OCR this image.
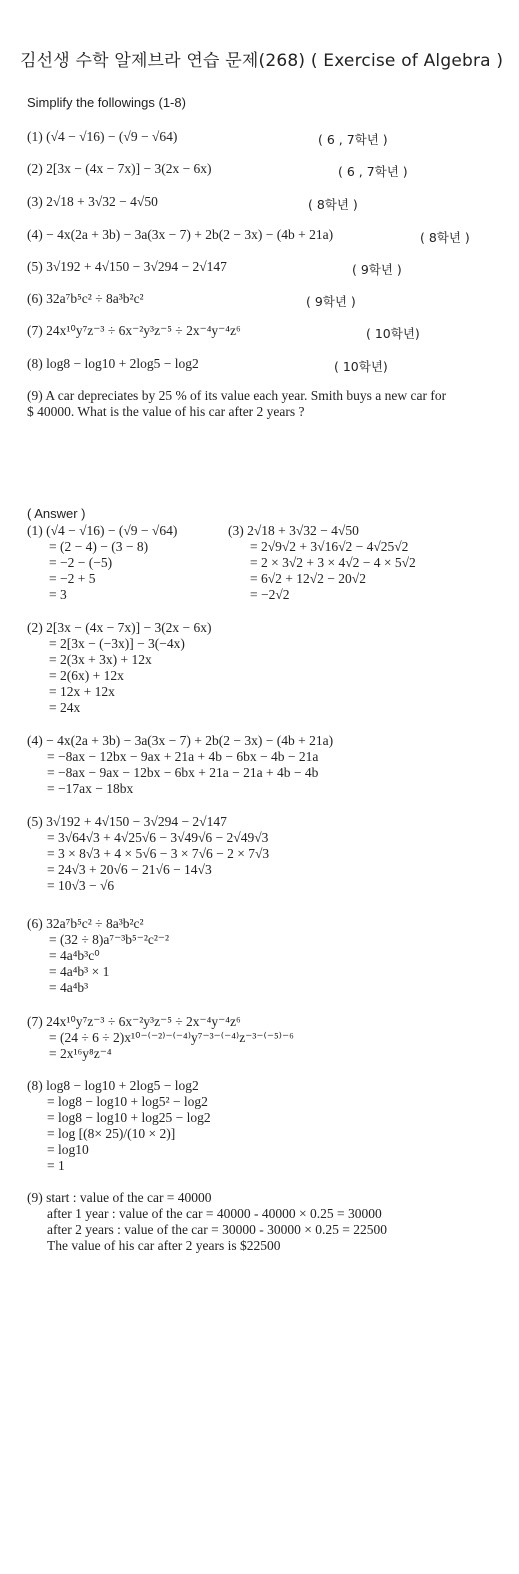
김선생 수학 알제브라 연습 문제(268) ( Exercise of Algebra )
Simplify the followings (1-8)
(1) (√4 − √16) − (√9 − √64)	( 6 , 7학년 )
(2) 2[3x − (4x − 7x)] − 3(2x − 6x)	( 6 , 7학년 )
(3) 2√18 + 3√32 − 4√50	( 8학년 )
(4) − 4x(2a + 3b) − 3a(3x − 7) + 2b(2 − 3x) − (4b + 21a)	( 8학년 )
(5) 3√192 + 4√150 − 3√294 − 2√147	( 9학년 )
(6) 32a⁷b⁵c² ÷ 8a³b²c²	( 9학년 )
(7) 24x¹⁰y⁷z⁻³ ÷ 6x⁻²y³z⁻⁵ ÷ 2x⁻⁴y⁻⁴z⁶	( 10학년)
(8) log8 − log10 + 2log5 − log2	( 10학년)
(9) A car depreciates by 25 % of its value each year. Smith buys a new car for
$ 40000. What is the value of his car after 2 years ?
( Answer )
(1) (√4 − √16) − (√9 − √64)
= (2 − 4) − (3 − 8)
= −2 − (−5)
= −2 + 5
= 3
(3) 2√18 + 3√32 − 4√50
= 2√9√2 + 3√16√2 − 4√25√2
= 2 × 3√2 + 3 × 4√2 − 4 × 5√2
= 6√2 + 12√2 − 20√2
= −2√2
(2) 2[3x − (4x − 7x)] − 3(2x − 6x)
= 2[3x − (−3x)] − 3(−4x)
= 2(3x + 3x) + 12x
= 2(6x) + 12x
= 12x + 12x
= 24x
(4) − 4x(2a + 3b) − 3a(3x − 7) + 2b(2 − 3x) − (4b + 21a)
= −8ax − 12bx − 9ax + 21a + 4b − 6bx − 4b − 21a
= −8ax − 9ax − 12bx − 6bx + 21a − 21a + 4b − 4b
= −17ax − 18bx
(5) 3√192 + 4√150 − 3√294 − 2√147
= 3√64√3 + 4√25√6 − 3√49√6 − 2√49√3
= 3 × 8√3 + 4 × 5√6 − 3 × 7√6 − 2 × 7√3
= 24√3 + 20√6 − 21√6 − 14√3
= 10√3 − √6
(6) 32a⁷b⁵c² ÷ 8a³b²c²
= (32 ÷ 8)a⁷⁻³b⁵⁻²c²⁻²
= 4a⁴b³c⁰
= 4a⁴b³ × 1
= 4a⁴b³
(7) 24x¹⁰y⁷z⁻³ ÷ 6x⁻²y³z⁻⁵ ÷ 2x⁻⁴y⁻⁴z⁶
= (24 ÷ 6 ÷ 2)x¹⁰⁻⁽⁻²⁾⁻⁽⁻⁴⁾y⁷⁻³⁻⁽⁻⁴⁾z⁻³⁻⁽⁻⁵⁾⁻⁶
= 2x¹⁶y⁸z⁻⁴
(8) log8 − log10 + 2log5 − log2
= log8 − log10 + log5² − log2
= log8 − log10 + log25 − log2
= log [(8× 25)/(10 × 2)]
= log10
= 1
(9) start : value of the car = 40000
after 1 year : value of the car = 40000 - 40000 × 0.25 = 30000
after 2 years : value of the car = 30000 - 30000 × 0.25 = 22500
The value of his car after 2 years is $22500
